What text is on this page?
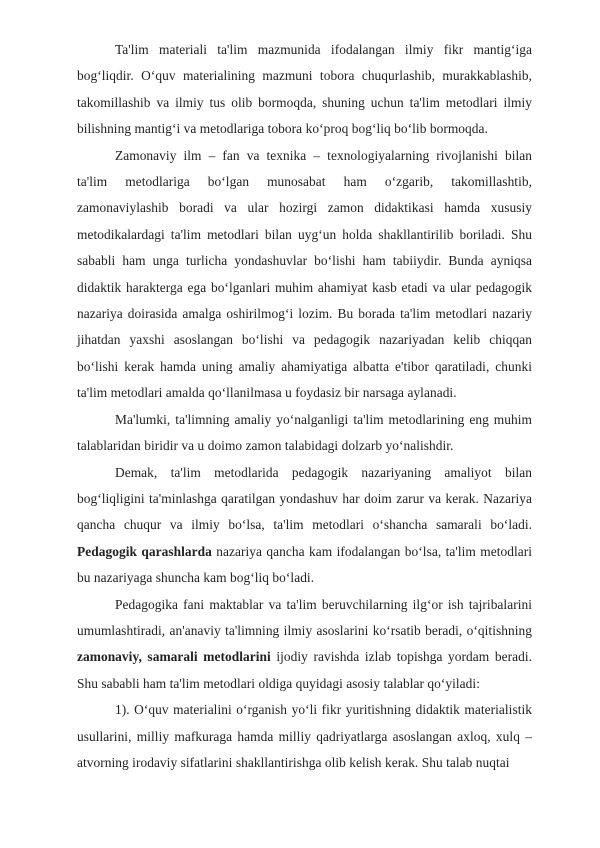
Ta'lim materiali ta'lim mazmunida ifodalangan ilmiy fikr mantig‘iga bog‘liqdir. O‘quv materialining mazmuni tobora chuqurlashib, murakkablashib, takomillashib va ilmiy tus olib bormoqda, shuning uchun ta'lim metodlari ilmiy bilishning mantig‘i va metodlariga tobora ko‘proq bog‘liq bo‘lib bormoqda.

Zamonaviy ilm – fan va texnika – texnologiyalarning rivojlanishi bilan ta'lim metodlariga bo‘lgan munosabat ham o‘zgarib, takomillashtib, zamonaviylashib boradi va ular hozirgi zamon didaktikasi hamda xususiy metodikalardagi ta'lim metodlari bilan uyg‘un holda shakllantirilib boriladi. Shu sababli ham unga turlicha yondashuvlar bo‘lishi ham tabiiydir. Bunda ayniqsa didaktik harakterga ega bo‘lganlari muhim ahamiyat kasb etadi va ular pedagogik nazariya doirasida amalga oshirilmog‘i lozim. Bu borada ta'lim metodlari nazariy jihatdan yaxshi asoslangan bo‘lishi va pedagogik nazariyadan kelib chiqqan bo‘lishi kerak hamda uning amaliy ahamiyatiga albatta e'tibor qaratiladi, chunki ta'lim metodlari amalda qo‘llanilmasa u foydasiz bir narsaga aylanadi.

Ma'lumki, ta'limning amaliy yo‘nalganligi ta'lim metodlarining eng muhim talablaridan biridir va u doimo zamon talabidagi dolzarb yo‘nalishdir.

Demak, ta'lim metodlarida pedagogik nazariyaning amaliyot bilan bog‘liqligini ta'minlashga qaratilgan yondashuv har doim zarur va kerak. Nazariya qancha chuqur va ilmiy bo‘lsa, ta'lim metodlari o‘shancha samarali bo‘ladi. Pedagogik qarashlarda nazariya qancha kam ifodalangan bo‘lsa, ta'lim metodlari bu nazariyaga shuncha kam bog‘liq bo‘ladi.

Pedagogika fani maktablar va ta'lim beruvchilarning ilg‘or ish tajribalarini umumlashtiradi, an'anaviy ta'limning ilmiy asoslarini ko‘rsatib beradi, o‘qitishning zamonaviy, samarali metodlarini ijodiy ravishda izlab topishga yordam beradi. Shu sababli ham ta'lim metodlari oldiga quyidagi asosiy talablar qo‘yiladi:

1). O‘quv materialini o‘rganish yo‘li fikr yuritishning didaktik materialistik usullarini, milliy mafkuraga hamda milliy qadriyatlarga asoslangan axloq, xulq – atvorning irodaviy sifatlarini shakllantirishga olib kelish kerak. Shu talab nuqtai
